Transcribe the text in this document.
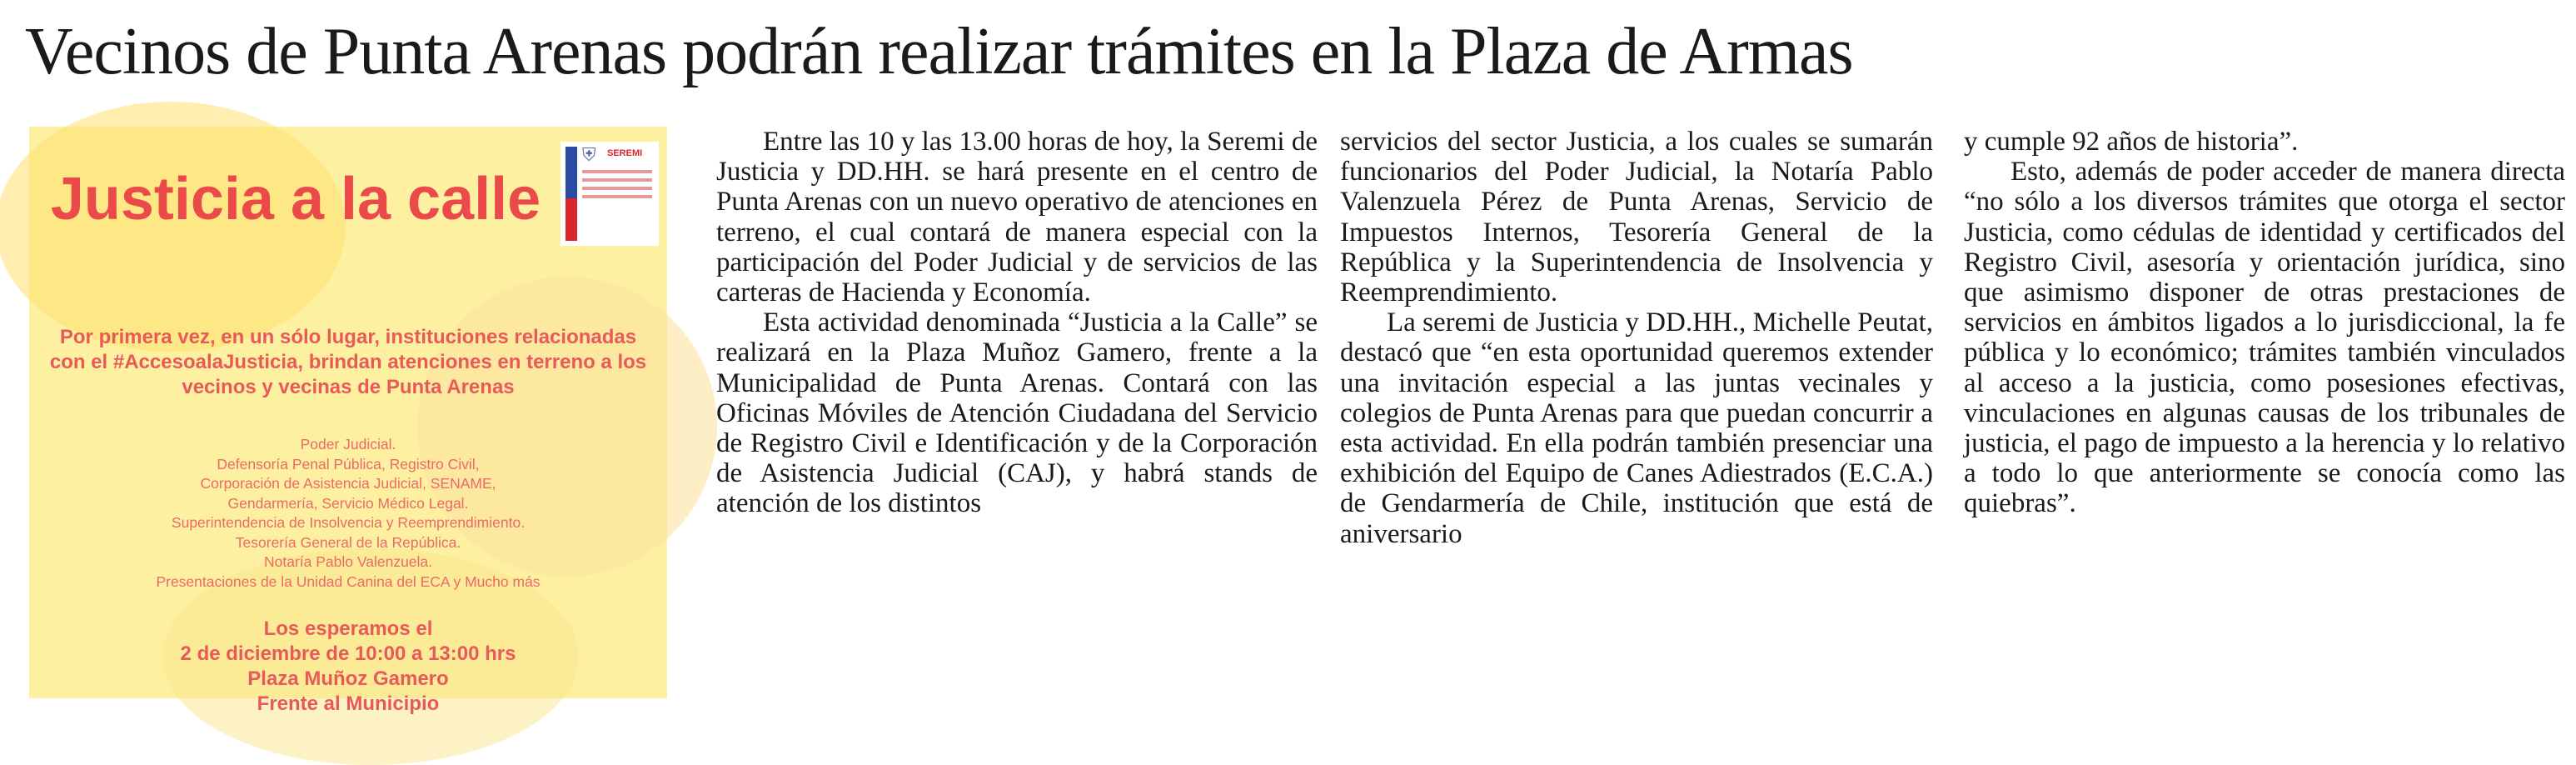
Vecinos de Punta Arenas podrán realizar trámites en la Plaza de Armas
⛨ SEREMI

Justicia a la calle

Por primera vez, en un sólo lugar, instituciones relacionadas con el #AccesoalaJusticia, brindan atenciones en terreno a los vecinos y vecinas de Punta Arenas

Poder Judicial.
Defensoría Penal Pública, Registro Civil,
Corporación de Asistencia Judicial, SENAME,
Gendarmería, Servicio Médico Legal.
Superintendencia de Insolvencia y Reemprendimiento.
Tesorería General de la República.
Notaría Pablo Valenzuela.
Presentaciones de la Unidad Canina del ECA y Mucho más

Los esperamos el
2 de diciembre de 10:00 a 13:00 hrs
Plaza Muñoz Gamero
Frente al Municipio

Entre las 10 y las 13.00 horas de hoy, la Seremi de Justicia y DD.HH. se hará presente en el centro de Punta Arenas con un nuevo operativo de atenciones en terreno, el cual contará de manera especial con la participación del Poder Judicial y de servicios de las carteras de Hacienda y Economía.

Esta actividad denominada “Justicia a la Calle” se realizará en la Plaza Muñoz Gamero, frente a la Municipalidad de Punta Arenas. Contará con las Oficinas Móviles de Atención Ciudadana del Servicio de Registro Civil e Identificación y de la Corporación de Asistencia Judicial (CAJ), y habrá stands de atención de los distintos

servicios del sector Justicia, a los cuales se sumarán funcionarios del Poder Judicial, la Notaría Pablo Valenzuela Pérez de Punta Arenas, Servicio de Impuestos Internos, Tesorería General de la República y la Superintendencia de Insolvencia y Reemprendimiento.

La seremi de Justicia y DD.HH., Michelle Peutat, destacó que “en esta oportunidad queremos extender una invitación especial a las juntas vecinales y colegios de Punta Arenas para que puedan concurrir a esta actividad. En ella podrán también presenciar una exhibición del Equipo de Canes Adiestrados (E.C.A.) de Gendarmería de Chile, institución que está de aniversario

y cumple 92 años de historia”.

Esto, además de poder acceder de manera directa “no sólo a los diversos trámites que otorga el sector Justicia, como cédulas de identidad y certificados del Registro Civil, asesoría y orientación jurídica, sino que asimismo disponer de otras prestaciones de servicios en ámbitos ligados a lo jurisdiccional, la fe pública y lo económico; trámites también vinculados al acceso a la justicia, como posesiones efectivas, vinculaciones en algunas causas de los tribunales de justicia, el pago de impuesto a la herencia y lo relativo a todo lo que anteriormente se conocía como las quiebras”.
